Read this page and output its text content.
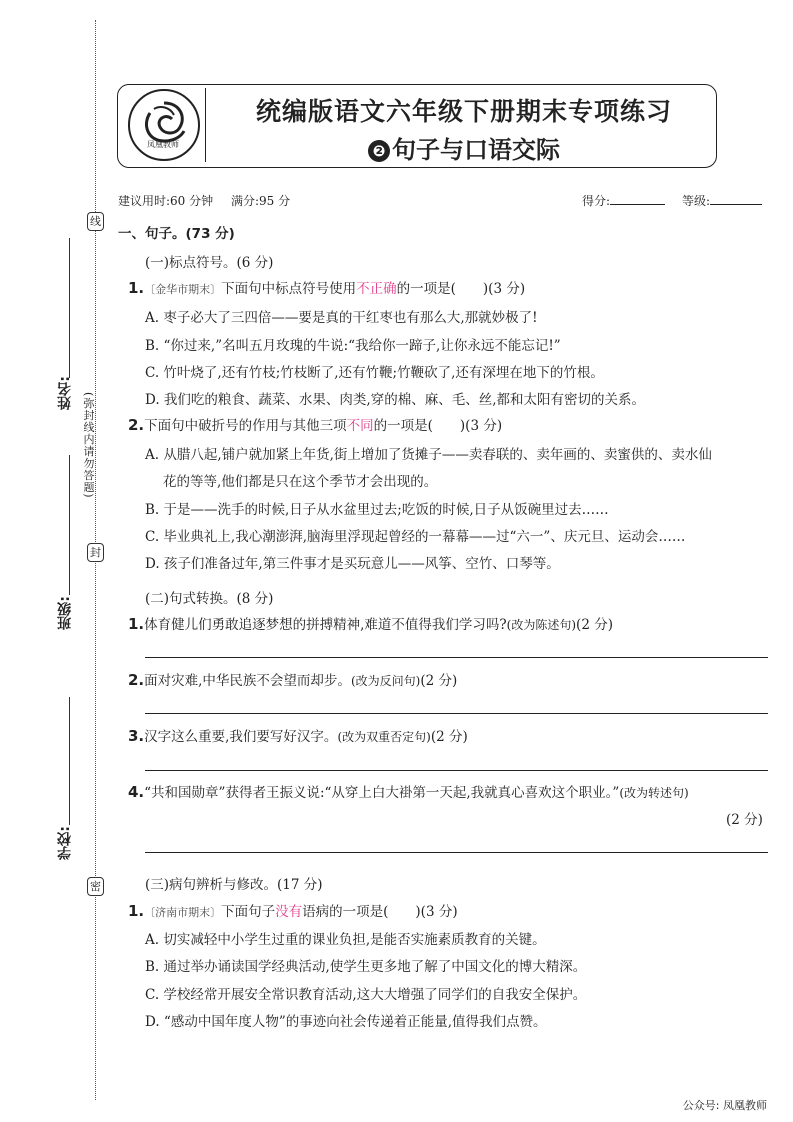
线
封
密
(弥封线内请勿答题)
姓名:
班级:
学校:
凤凰教师
统编版语文六年级下册期末专项练习
❷ 句子与口语交际
建议用时:60 分钟 满分:95 分	得分:	等级:
一、句子。(73 分)
(一)标点符号。(6 分)
1.〔金华市期末〕下面句中标点符号使用不正确的一项是(　　)(3 分)
A. 枣子必大了三四倍——要是真的干红枣也有那么大,那就妙极了!
B. “你过来,”名叫五月玫瑰的牛说:“我给你一蹄子,让你永远不能忘记!”
C. 竹叶烧了,还有竹枝;竹枝断了,还有竹鞭;竹鞭砍了,还有深埋在地下的竹根。
D. 我们吃的粮食、蔬菜、水果、肉类,穿的棉、麻、毛、丝,都和太阳有密切的关系。
2.下面句中破折号的作用与其他三项不同的一项是(　　)(3 分)
A. 从腊八起,铺户就加紧上年货,街上增加了货摊子——卖春联的、卖年画的、卖蜜供的、卖水仙
花的等等,他们都是只在这个季节才会出现的。
B. 于是——洗手的时候,日子从水盆里过去;吃饭的时候,日子从饭碗里过去……
C. 毕业典礼上,我心潮澎湃,脑海里浮现起曾经的一幕幕——过“六一”、庆元旦、运动会……
D. 孩子们准备过年,第三件事才是买玩意儿——风筝、空竹、口琴等。
(二)句式转换。(8 分)
1.体育健儿们勇敢追逐梦想的拼搏精神,难道不值得我们学习吗?(改为陈述句)(2 分)
2.面对灾难,中华民族不会望而却步。(改为反问句)(2 分)
3.汉字这么重要,我们要写好汉字。(改为双重否定句)(2 分)
4.“共和国勋章”获得者王振义说:“从穿上白大褂第一天起,我就真心喜欢这个职业。”(改为转述句)
(2 分)
(三)病句辨析与修改。(17 分)
1.〔济南市期末〕下面句子没有语病的一项是(　　)(3 分)
A. 切实减轻中小学生过重的课业负担,是能否实施素质教育的关键。
B. 通过举办诵读国学经典活动,使学生更多地了解了中国文化的博大精深。
C. 学校经常开展安全常识教育活动,这大大增强了同学们的自我安全保护。
D. “感动中国年度人物”的事迹向社会传递着正能量,值得我们点赞。
公众号: 凤凰教师
